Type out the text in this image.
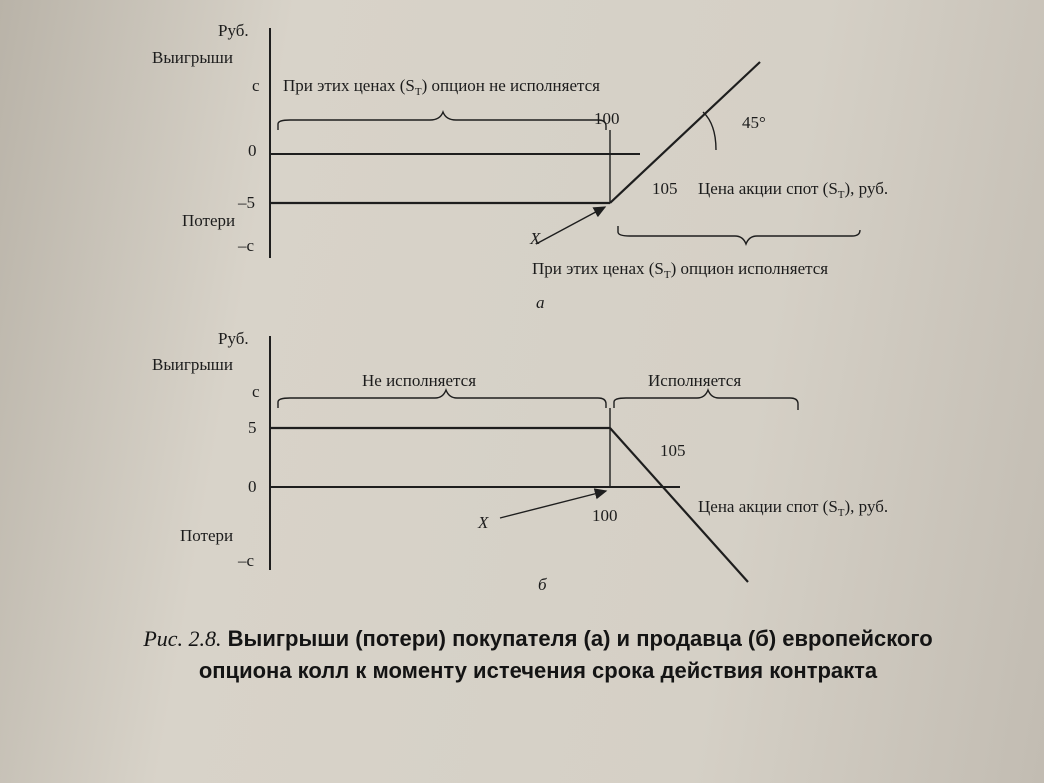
Руб.
Выигрыши
с
0
–5
Потери
–с
При этих ценах $(S_T)$ опцион не исполняется
100	45°
105 Цена акции спот $(S_T)$, руб.
X
При этих ценах $(S_T)$ опцион исполняется
а
Руб.
Выигрыши
с
5
0
Потери
–с
Не исполняется	Исполняется
105
Цена акции спот $(S_T)$, руб.
100
X
б
Рис. 2.8. Выигрыши (потери) покупателя (а) и продавца (б) европейского опциона колл к моменту истечения срока действия контракта
